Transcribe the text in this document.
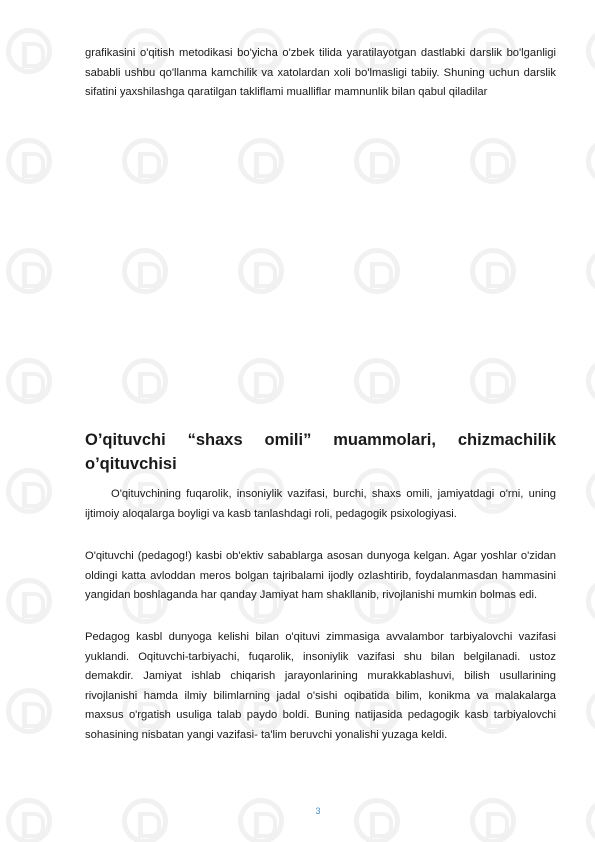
grafikasini o'qitish metodikasi bo'yicha o'zbek tilida yaratilayotgan dastlabki darslik bo'lganligi sababli ushbu qo'llanma kamchilik va xatolardan xoli bo'lmasligi tabiiy. Shuning uchun darslik sifatini yaxshilashga qaratilgan takliflami mualliflar mamnunlik bilan qabul qiladilar

O’qituvchi “shaxs omili” muammolari, chizmachilik o’qituvchisi

O'qituvchining fuqarolik, insoniylik vazifasi, burchi, shaxs omili, jamiyatdagi o'rni, uning ijtimoiy aloqalarga boyligi va kasb tanlashdagi roli, pedagogik psixologiyasi.

O'qituvchi (pedagog!) kasbi ob'ektiv sabablarga asosan dunyoga kelgan. Agar yoshlar o'zidan oldingi katta avloddan meros bolgan tajribalami ijodly ozlashtirib, foydalanmasdan hammasini yangidan boshlaganda har qanday Jamiyat ham shakllanib, rivojlanishi mumkin bolmas edi.

Pedagog kasbl dunyoga kelishi bilan o'qituvi zimmasiga avvalambor tarbiyalovchi vazifasi yuklandi. Oqituvchi-tarbiyachi, fuqarolik, insoniylik vazifasi shu bilan belgilanadi. ustoz demakdir. Jamiyat ishlab chiqarish jarayonlarining murakkablashuvi, bilish usullarining rivojlanishi hamda ilmiy bilimlarning jadal o'sishi oqibatida bilim, konikma va malakalarga maxsus o'rgatish usuliga talab paydo boldi. Buning natijasida pedagogik kasb tarbiyalovchi sohasining nisbatan yangi vazifasi- ta'lim beruvchi yonalishi yuzaga keldi.

3
